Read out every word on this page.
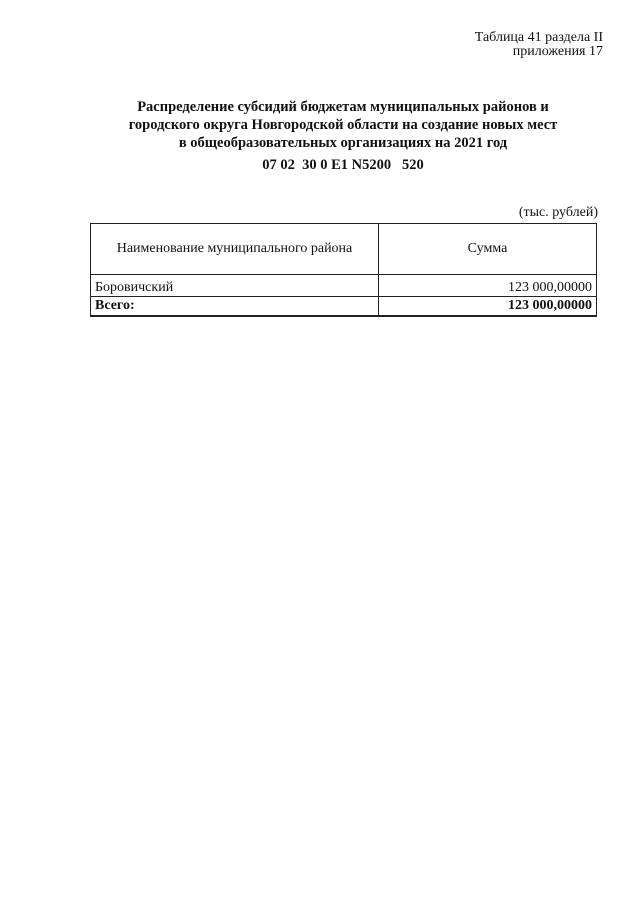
Таблица 41 раздела II
приложения 17
Распределение субсидий бюджетам муниципальных районов и
городского округа Новгородской области на создание новых мест
в общеобразовательных организациях на 2021 год
07 02  30 0 E1 N5200   520
(тыс. рублей)
Наименование муниципального района	Сумма
Боровичский	123 000,00000
Всего:	123 000,00000
